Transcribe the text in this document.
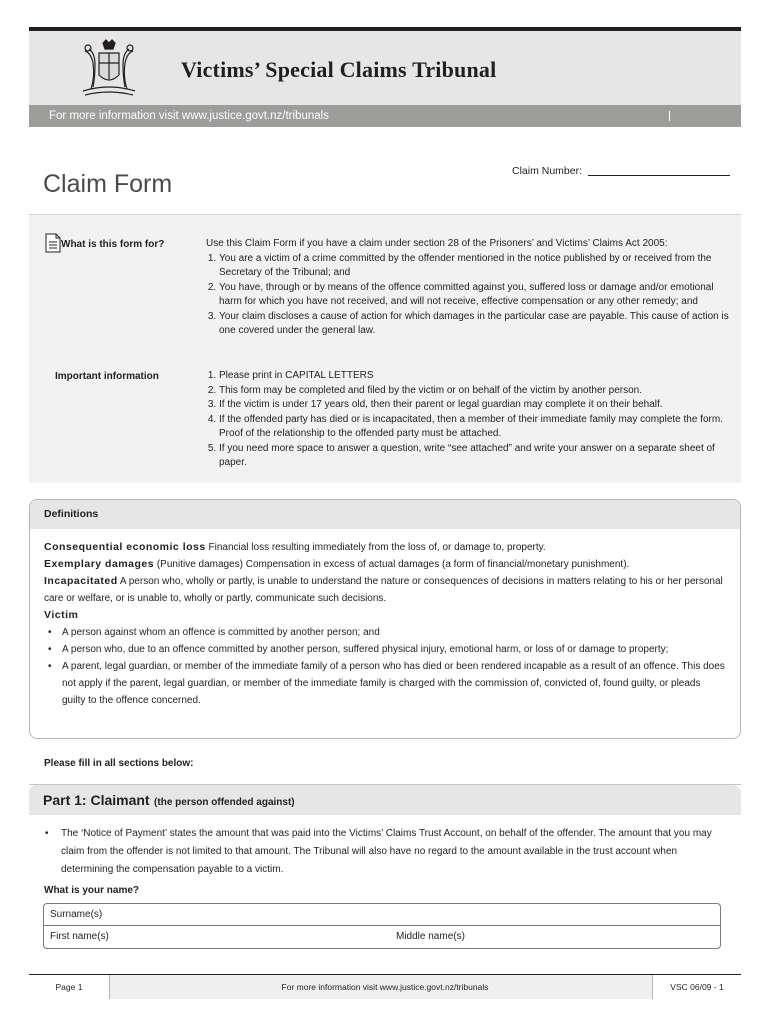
Victims’ Special Claims Tribunal
For more information visit www.justice.govt.nz/tribunals
Claim Form	Claim Number:
What is this form for?	Use this Claim Form if you have a claim under section 28 of the Prisoners’ and Victims’ Claims Act 2005:

1. You are a victim of a crime committed by the offender mentioned in the notice published by or received from the Secretary of the Tribunal; and
2. You have, through or by means of the offence committed against you, suffered loss or damage and/or emotional harm for which you have not received, and will not receive, effective compensation or any other remedy; and
3. Your claim discloses a cause of action for which damages in the particular case are payable. This cause of action is one covered under the general law.
Important information
1.	Please print in CAPITAL LETTERS
2. This form may be completed and filed by the victim or on behalf of the victim by another person.
3. If the victim is under 17 years old, then their parent or legal guardian may complete it on their behalf.
4. If the offended party has died or is incapacitated, then a member of their immediate family may complete the form. Proof of the relationship to the offended party must be attached.
5. If you need more space to answer a question, write “see attached” and write your answer on a separate sheet of paper.
Definitions

Consequential economic loss Financial loss resulting immediately from the loss of, or damage to, property.

Exemplary damages (Punitive damages) Compensation in excess of actual damages (a form of financial/monetary punishment).

Incapacitated A person who, wholly or partly, is unable to understand the nature or consequences of decisions in matters relating to his or her personal care or welfare, or is unable to, wholly or partly, communicate such decisions.

Victim

• A person against whom an offence is committed by another person; and
• A person who, due to an offence committed by another person, suffered physical injury, emotional harm, or loss of or damage to property;
• A parent, legal guardian, or member of the immediate family of a person who has died or been rendered incapable as a result of an offence. This does not apply if the parent, legal guardian, or member of the immediate family is charged with the commission of, convicted of, found guilty, or pleads guilty to the offence concerned.
Please fill in all sections below:
Part 1: Claimant (the person offended against)
• The ‘Notice of Payment’ states the amount that was paid into the Victims’ Claims Trust Account, on behalf of the offender. The amount that you may claim from the offender is not limited to that amount. The Tribunal will also have no regard to the amount available in the trust account when determining the compensation payable to a victim.
What is your name?
Surname(s)
First name(s)	Middle name(s)
For more information visit www.justice.govt.nz/tribunals
Page 1	VSC 06/09 - 1
